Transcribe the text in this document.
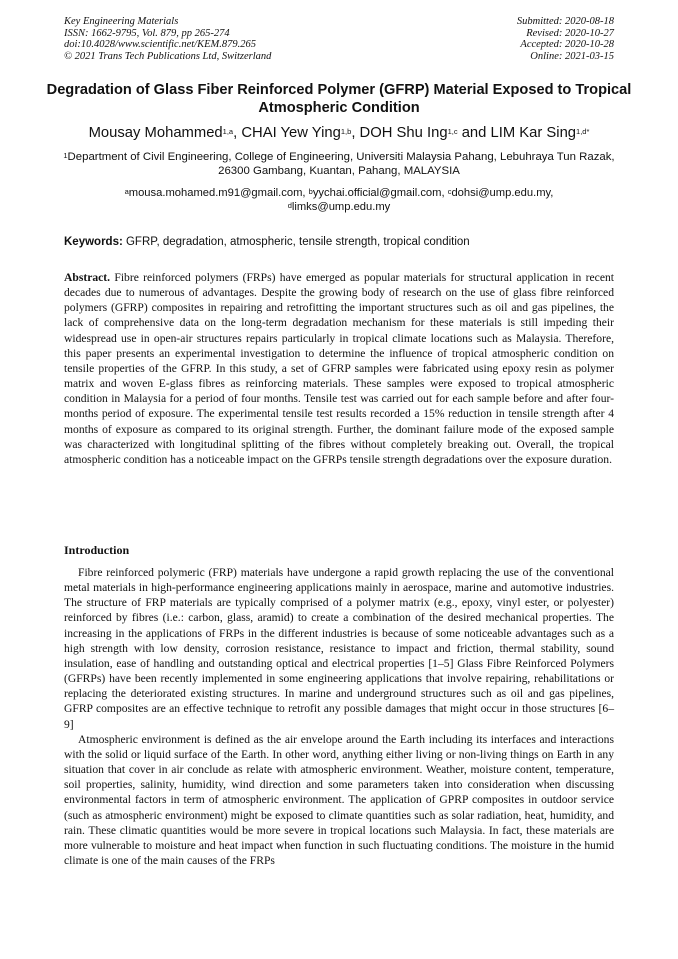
Key Engineering Materials
ISSN: 1662-9795, Vol. 879, pp 265-274
doi:10.4028/www.scientific.net/KEM.879.265
© 2021 Trans Tech Publications Ltd, Switzerland
Submitted: 2020-08-18
Revised: 2020-10-27
Accepted: 2020-10-28
Online: 2021-03-15
Degradation of Glass Fiber Reinforced Polymer (GFRP) Material Exposed to Tropical Atmospheric Condition
Mousay Mohammed$^{1,a}$, CHAI Yew Ying$^{1,b}$, DOH Shu Ing$^{1,c}$ and LIM Kar Sing$^{1,d*}$
$^1$Department of Civil Engineering, College of Engineering, Universiti Malaysia Pahang, Lebuhraya Tun Razak, 26300 Gambang, Kuantan, Pahang, MALAYSIA
$^a$mousa.mohamed.m91@gmail.com, $^b$yychai.official@gmail.com, $^c$dohsi@ump.edu.my,
$^d$limks@ump.edu.my
Keywords: GFRP, degradation, atmospheric, tensile strength, tropical condition
Abstract. Fibre reinforced polymers (FRPs) have emerged as popular materials for structural application in recent decades due to numerous of advantages. Despite the growing body of research on the use of glass fibre reinforced polymers (GFRP) composites in repairing and retrofitting the important structures such as oil and gas pipelines, the lack of comprehensive data on the long-term degradation mechanism for these materials is still impeding their widespread use in open-air structures repairs particularly in tropical climate locations such as Malaysia. Therefore, this paper presents an experimental investigation to determine the influence of tropical atmospheric condition on tensile properties of the GFRP. In this study, a set of GFRP samples were fabricated using epoxy resin as polymer matrix and woven E-glass fibres as reinforcing materials. These samples were exposed to tropical atmospheric condition in Malaysia for a period of four months. Tensile test was carried out for each sample before and after four-months period of exposure. The experimental tensile test results recorded a 15% reduction in tensile strength after 4 months of exposure as compared to its original strength. Further, the dominant failure mode of the exposed sample was characterized with longitudinal splitting of the fibres without completely breaking out. Overall, the tropical atmospheric condition has a noticeable impact on the GFRPs tensile strength degradations over the exposure duration.
Introduction

Fibre reinforced polymeric (FRP) materials have undergone a rapid growth replacing the use of the conventional metal materials in high-performance engineering applications mainly in aerospace, marine and automotive industries. The structure of FRP materials are typically comprised of a polymer matrix (e.g., epoxy, vinyl ester, or polyester) reinforced by fibres (i.e.: carbon, glass, aramid) to create a combination of the desired mechanical properties. The increasing in the applications of FRPs in the different industries is because of some noticeable advantages such as a high strength with low density, corrosion resistance, resistance to impact and friction, thermal stability, sound insulation, ease of handling and outstanding optical and electrical properties [1–5] Glass Fibre Reinforced Polymers (GFRPs) have been recently implemented in some engineering applications that involve repairing, rehabilitations or replacing the deteriorated existing structures. In marine and underground structures such as oil and gas pipelines, GFRP composites are an effective technique to retrofit any possible damages that might occur in those structures [6–9]

Atmospheric environment is defined as the air envelope around the Earth including its interfaces and interactions with the solid or liquid surface of the Earth. In other word, anything either living or non-living things on Earth in any situation that cover in air conclude as relate with atmospheric environment. Weather, moisture content, temperature, soil properties, salinity, humidity, wind direction and some parameters taken into consideration when discussing environmental factors in term of atmospheric environment. The application of GPRP composites in outdoor service (such as atmospheric environment) might be exposed to climate quantities such as solar radiation, heat, humidity, and rain. These climatic quantities would be more severe in tropical locations such Malaysia. In fact, these materials are more vulnerable to moisture and heat impact when function in such fluctuating conditions. The moisture in the humid climate is one of the main causes of the FRPs
